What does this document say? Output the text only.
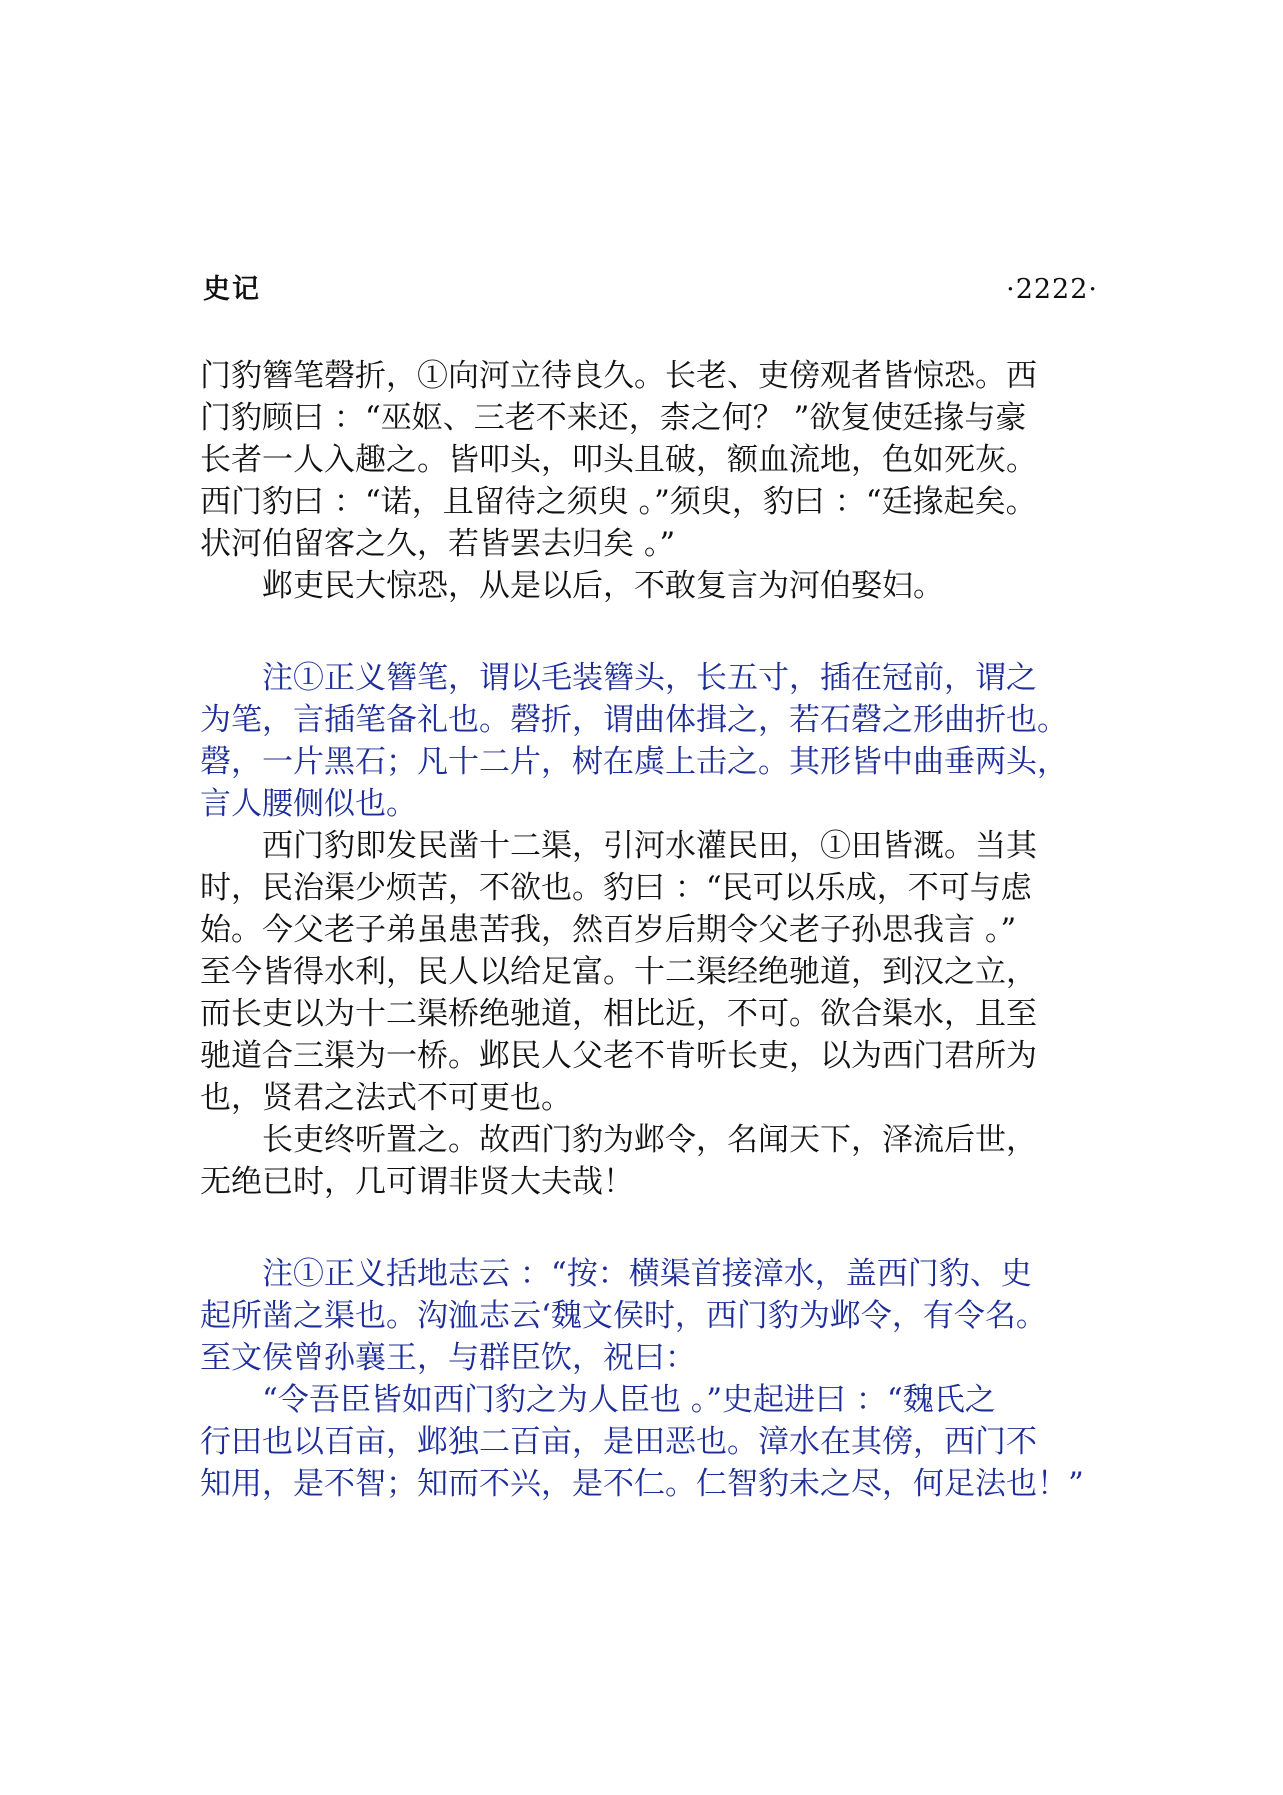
史记	·2222·
门豹簪笔磬折，①向河立待良久。长老、吏傍观者皆惊恐。西
门豹顾曰 ：“巫妪、三老不来还，柰之何？ ”欲复使廷掾与豪
长者一人入趣之。皆叩头，叩头且破，额血流地，色如死灰。
西门豹曰 ：“诺，且留待之须臾 。”须臾，豹曰 ：“廷掾起矣。
状河伯留客之久，若皆罢去归矣 。”
　　邺吏民大惊恐，从是以后，不敢复言为河伯娶妇。
　　注①正义簪笔，谓以毛装簪头，长五寸，插在冠前，谓之
为笔，言插笔备礼也。磬折，谓曲体揖之，若石磬之形曲折也。
磬，一片黑石；凡十二片，树在虡上击之。其形皆中曲垂两头，
言人腰侧似也。
　　西门豹即发民凿十二渠，引河水灌民田，①田皆溉。当其
时，民治渠少烦苦，不欲也。豹曰 ：“民可以乐成，不可与虑
始。今父老子弟虽患苦我，然百岁后期令父老子孙思我言 。”
至今皆得水利，民人以给足富。十二渠经绝驰道，到汉之立，
而长吏以为十二渠桥绝驰道，相比近，不可。欲合渠水，且至
驰道合三渠为一桥。邺民人父老不肯听长吏，以为西门君所为
也，贤君之法式不可更也。
　　长吏终听置之。故西门豹为邺令，名闻天下，泽流后世，
无绝已时，几可谓非贤大夫哉！
　　注①正义括地志云 ：“按：横渠首接漳水，盖西门豹、史
起所凿之渠也。沟洫志云‘魏文侯时，西门豹为邺令，有令名。
至文侯曾孙襄王，与群臣饮，祝曰：
　　“令吾臣皆如西门豹之为人臣也 。”史起进曰 ：“魏氏之
行田也以百亩，邺独二百亩，是田恶也。漳水在其傍，西门不
知用，是不智；知而不兴，是不仁。仁智豹未之尽，何足法也！”
